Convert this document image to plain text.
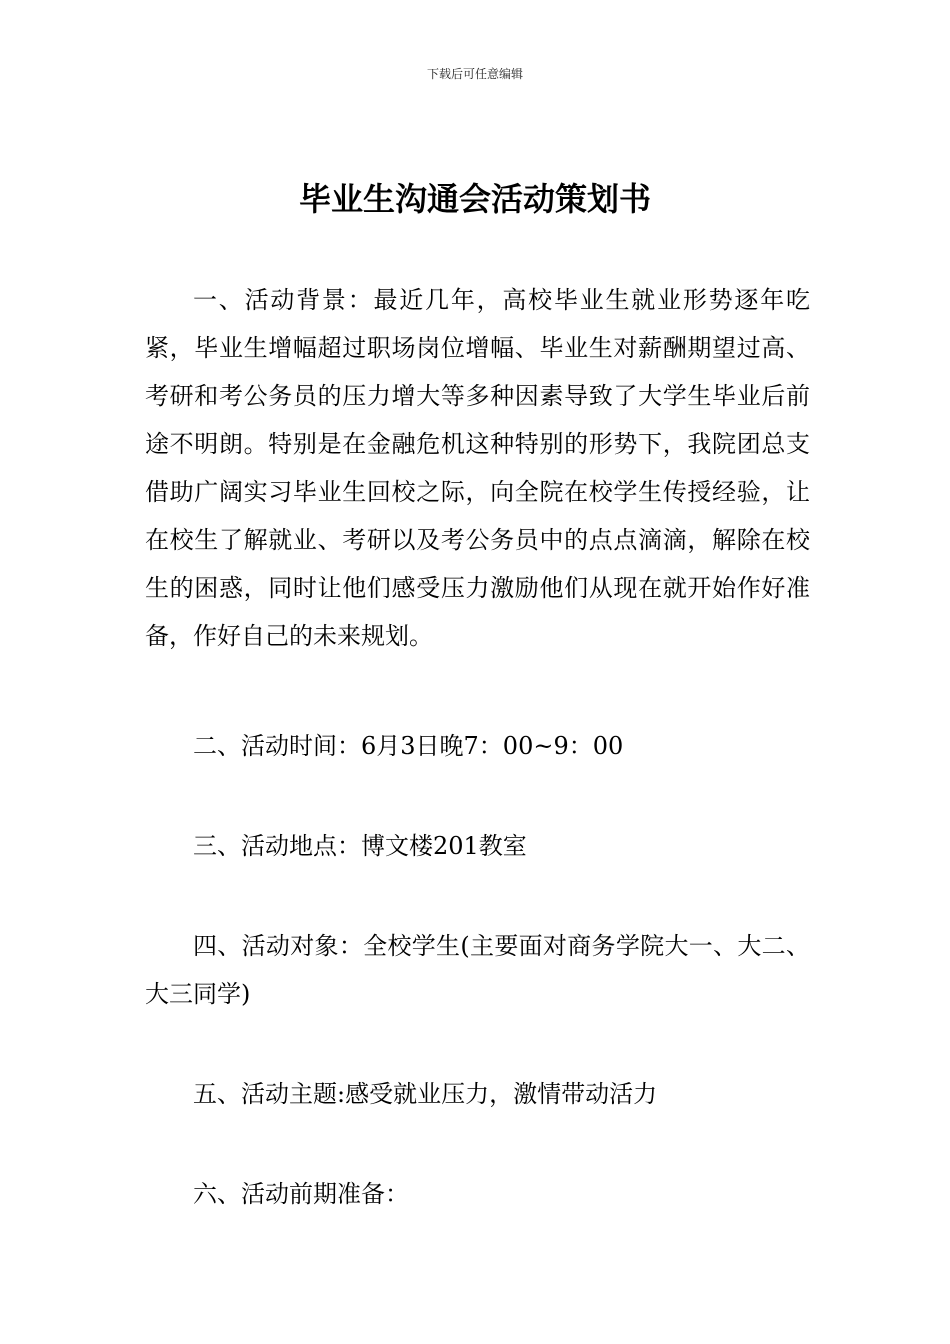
下载后可任意编辑
毕业生沟通会活动策划书

一、活动背景：最近几年，高校毕业生就业形势逐年吃紧，毕业生增幅超过职场岗位增幅、毕业生对薪酬期望过高、考研和考公务员的压力增大等多种因素导致了大学生毕业后前途不明朗。特别是在金融危机这种特别的形势下，我院团总支借助广阔实习毕业生回校之际，向全院在校学生传授经验，让在校生了解就业、考研以及考公务员中的点点滴滴，解除在校生的困惑，同时让他们感受压力激励他们从现在就开始作好准备，作好自己的未来规划。

二、活动时间：6月3日晚7：00~9：00

三、活动地点：博文楼201教室

四、活动对象：全校学生(主要面对商务学院大一、大二、大三同学)

五、活动主题:感受就业压力，激情带动活力

六、活动前期准备：
